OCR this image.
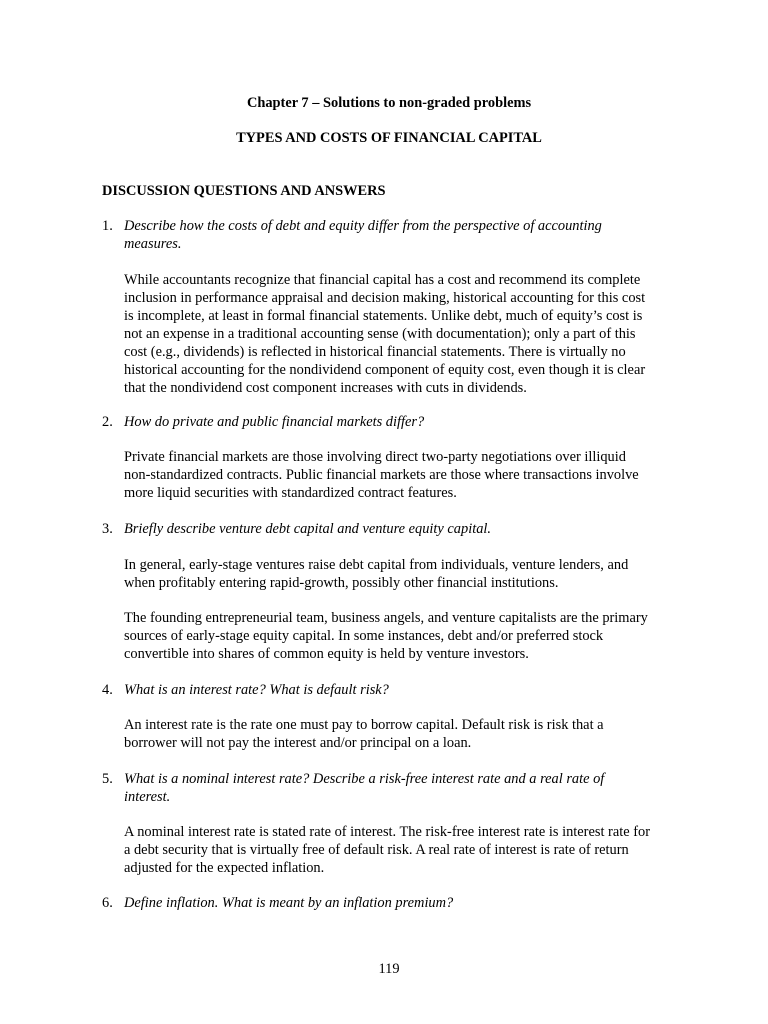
Chapter 7 – Solutions to non-graded problems
TYPES AND COSTS OF FINANCIAL CAPITAL
DISCUSSION QUESTIONS AND ANSWERS
1. Describe how the costs of debt and equity differ from the perspective of accounting
measures.
While accountants recognize that financial capital has a cost and recommend its complete
inclusion in performance appraisal and decision making, historical accounting for this cost
is incomplete, at least in formal financial statements. Unlike debt, much of equity’s cost is
not an expense in a traditional accounting sense (with documentation); only a part of this
cost (e.g., dividends) is reflected in historical financial statements. There is virtually no
historical accounting for the nondividend component of equity cost, even though it is clear
that the nondividend cost component increases with cuts in dividends.
2. How do private and public financial markets differ?
Private financial markets are those involving direct two-party negotiations over illiquid
non-standardized contracts. Public financial markets are those where transactions involve
more liquid securities with standardized contract features.
3. Briefly describe venture debt capital and venture equity capital.
In general, early-stage ventures raise debt capital from individuals, venture lenders, and
when profitably entering rapid-growth, possibly other financial institutions.
The founding entrepreneurial team, business angels, and venture capitalists are the primary
sources of early-stage equity capital. In some instances, debt and/or preferred stock
convertible into shares of common equity is held by venture investors.
4. What is an interest rate? What is default risk?
An interest rate is the rate one must pay to borrow capital. Default risk is risk that a
borrower will not pay the interest and/or principal on a loan.
5. What is a nominal interest rate? Describe a risk-free interest rate and a real rate of
interest.
A nominal interest rate is stated rate of interest. The risk-free interest rate is interest rate for
a debt security that is virtually free of default risk. A real rate of interest is rate of return
adjusted for the expected inflation.
6. Define inflation. What is meant by an inflation premium?
119
